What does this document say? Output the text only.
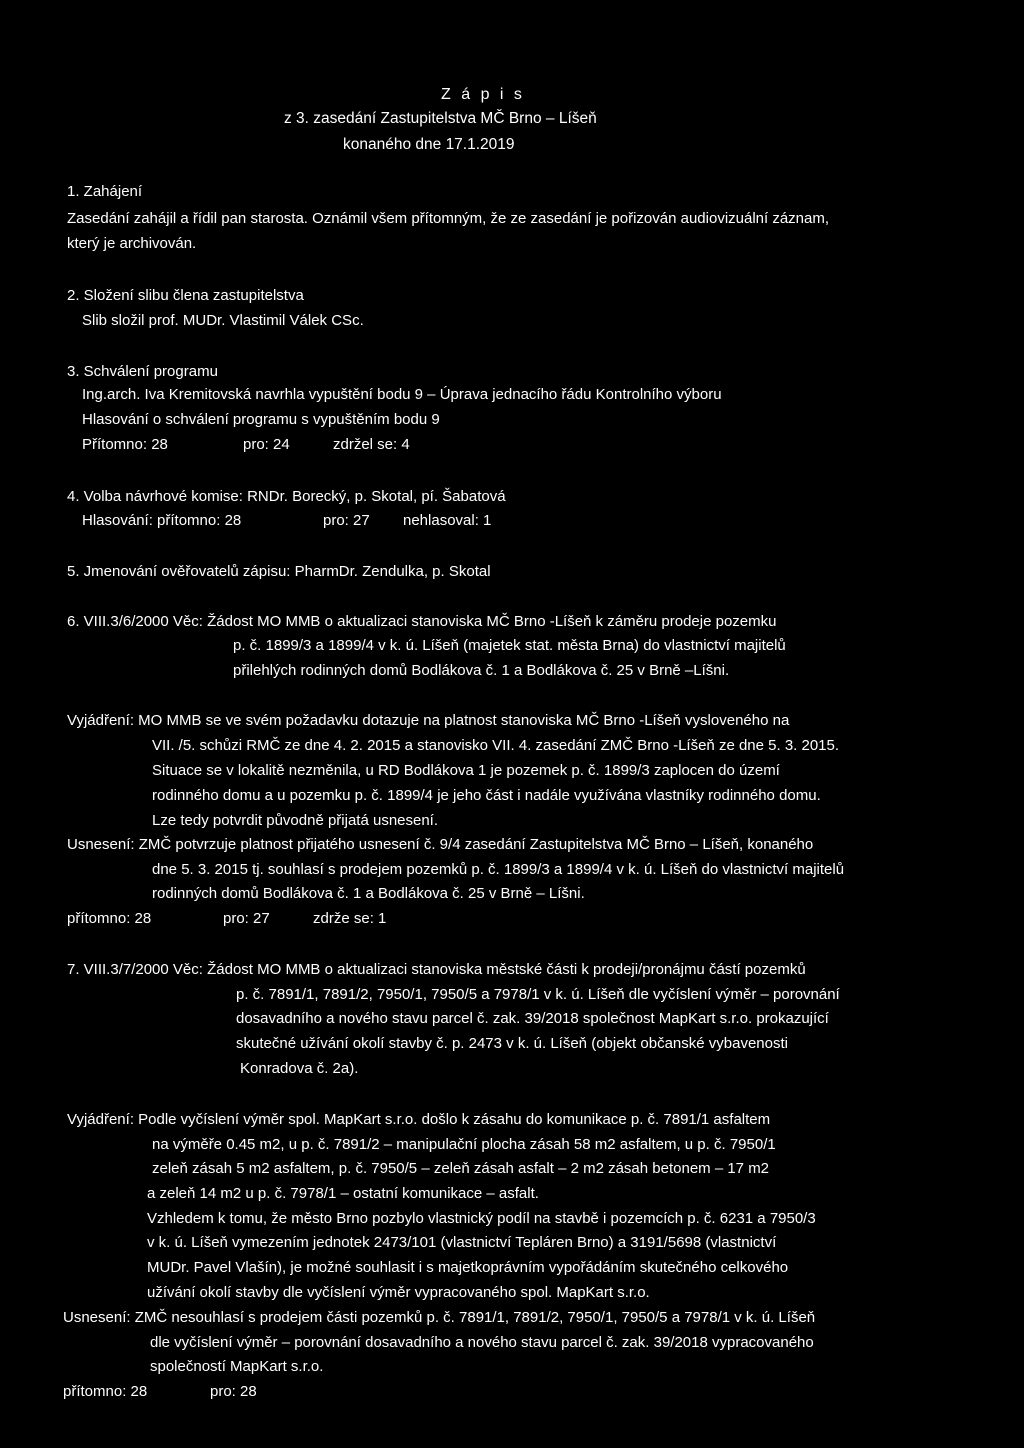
Z á p i s
z 3. zasedání Zastupitelstva MČ Brno – Líšeň
konaného dne 17.1.2019
1. Zahájení
Zasedání zahájil a řídil pan starosta. Oznámil všem přítomným, že ze zasedání je pořizován audiovizuální záznam,
který je archivován.
2. Složení slibu člena zastupitelstva
Slib složil prof. MUDr. Vlastimil Válek CSc.
3. Schválení programu
Ing.arch. Iva Kremitovská navrhla vypuštění bodu 9 – Úprava jednacího řádu Kontrolního výboru
Hlasování o schválení programu s vypuštěním bodu 9
Přítomno: 28	pro: 24	zdržel se: 4
4. Volba návrhové komise: RNDr. Borecký, p. Skotal, pí. Šabatová
Hlasování: přítomno: 28	pro: 27 nehlasoval: 1
5. Jmenování ověřovatelů zápisu: PharmDr. Zendulka, p. Skotal
6. VIII.3/6/2000 Věc: Žádost MO MMB o aktualizaci stanoviska MČ Brno -Líšeň k záměru prodeje pozemku
p. č. 1899/3 a 1899/4 v k. ú. Líšeň (majetek stat. města Brna) do vlastnictví majitelů
přilehlých rodinných domů Bodlákova č. 1 a Bodlákova č. 25 v Brně –Líšni.
Vyjádření: MO MMB se ve svém požadavku dotazuje na platnost stanoviska MČ Brno -Líšeň vysloveného na
VII. /5. schůzi RMČ ze dne 4. 2. 2015 a stanovisko VII. 4. zasedání ZMČ Brno -Líšeň ze dne 5. 3. 2015.
Situace se v lokalitě nezměnila, u RD Bodlákova 1 je pozemek p. č. 1899/3 zaplocen do území
rodinného domu a u pozemku p. č. 1899/4 je jeho část i nadále využívána vlastníky rodinného domu.
Lze tedy potvrdit původně přijatá usnesení.
Usnesení: ZMČ potvrzuje platnost přijatého usnesení č. 9/4 zasedání Zastupitelstva MČ Brno – Líšeň, konaného
dne 5. 3. 2015 tj. souhlasí s prodejem pozemků p. č. 1899/3 a 1899/4 v k. ú. Líšeň do vlastnictví majitelů
rodinných domů Bodlákova č. 1 a Bodlákova č. 25 v Brně – Líšni.
přítomno: 28	pro: 27	zdrže se: 1
7. VIII.3/7/2000 Věc: Žádost MO MMB o aktualizaci stanoviska městské části k prodeji/pronájmu částí pozemků
p. č. 7891/1, 7891/2, 7950/1, 7950/5 a 7978/1 v k. ú. Líšeň dle vyčíslení výměr – porovnání
dosavadního a nového stavu parcel č. zak. 39/2018 společnost MapKart s.r.o. prokazující
skutečné užívání okolí stavby č. p. 2473 v k. ú. Líšeň (objekt občanské vybavenosti
Konradova č. 2a).
Vyjádření: Podle vyčíslení výměr spol. MapKart s.r.o. došlo k zásahu do komunikace p. č. 7891/1 asfaltem
na výměře 0.45 m2, u p. č. 7891/2 – manipulační plocha zásah 58 m2 asfaltem, u p. č. 7950/1
zeleň zásah 5 m2 asfaltem, p. č. 7950/5 – zeleň zásah asfalt – 2 m2 zásah betonem – 17 m2
a zeleň 14 m2 u p. č. 7978/1 – ostatní komunikace – asfalt.
Vzhledem k tomu, že město Brno pozbylo vlastnický podíl na stavbě i pozemcích p. č. 6231 a 7950/3
v k. ú. Líšeň vymezením jednotek 2473/101 (vlastnictví Tepláren Brno) a 3191/5698 (vlastnictví
MUDr. Pavel Vlašín), je možné souhlasit i s majetkoprávním vypořádáním skutečného celkového
užívání okolí stavby dle vyčíslení výměr vypracovaného spol. MapKart s.r.o.
Usnesení: ZMČ nesouhlasí s prodejem části pozemků p. č. 7891/1, 7891/2, 7950/1, 7950/5 a 7978/1 v k. ú. Líšeň
dle vyčíslení výměr – porovnání dosavadního a nového stavu parcel č. zak. 39/2018 vypracovaného
společností MapKart s.r.o.
přítomno: 28	pro: 28
